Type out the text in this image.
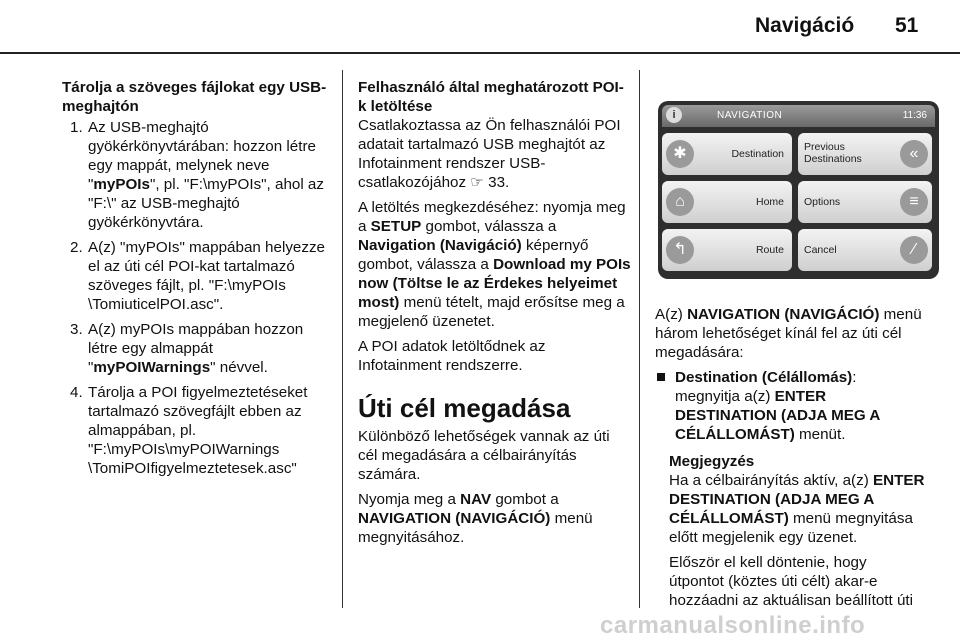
Navigáció 51
Tárolja a szöveges fájlokat egy USB-meghajtón
1. Az USB-meghajtó gyökérkönyvtárában: hozzon létre egy mappát, melynek neve "myPOIs", pl. "F:\myPOIs", ahol az "F:\" az USB-meghajtó gyökérkönyvtára.
2. A(z) "myPOIs" mappában helyezze el az úti cél POI-kat tartalmazó szöveges fájlt, pl. "F:\myPOIs \TomiuticelPOI.asc".
3. A(z) myPOIs mappában hozzon létre egy almappát "myPOIWarnings" névvel.
4. Tárolja a POI figyelmeztetéseket tartalmazó szövegfájlt ebben az almappában, pl. "F:\myPOIs\myPOIWarnings \TomiPOIfigyelmeztetesek.asc"
Felhasználó által meghatározott POI-k letöltése

Csatlakoztassa az Ön felhasználói POI adatait tartalmazó USB meghajtót az Infotainment rendszer USB-csatlakozójához ☞ 33.

A letöltés megkezdéséhez: nyomja meg a SETUP gombot, válassza a Navigation (Navigáció) képernyő gombot, válassza a Download my POIs now (Töltse le az Érdekes helyeimet most) menü tételt, majd erősítse meg a megjelenő üzenetet.

A POI adatok letöltődnek az Infotainment rendszerre.

Úti cél megadása

Különböző lehetőségek vannak az úti cél megadására a célbairányítás számára.

Nyomja meg a NAV gombot a NAVIGATION (NAVIGÁCIÓ) menü megnyitásához.

i	NAVIGATION	11:36
✱	Destination
Previous Destinations	«
⌂	Home Options	≡
↰	Route Cancel	∕

A(z) NAVIGATION (NAVIGÁCIÓ) menü három lehetőséget kínál fel az úti cél megadására:

Destination (Célállomás): megnyitja a(z) ENTER DESTINATION (ADJA MEG A CÉLÁLLOMÁST) menüt.
Megjegyzés

Ha a célbairányítás aktív, a(z) ENTER DESTINATION (ADJA MEG A CÉLÁLLOMÁST) menü megnyitása előtt megjelenik egy üzenet.

Először el kell döntenie, hogy útpontot (köztes úti célt) akar-e hozzáadni az aktuálisan beállított úti

carmanualsonline.info
